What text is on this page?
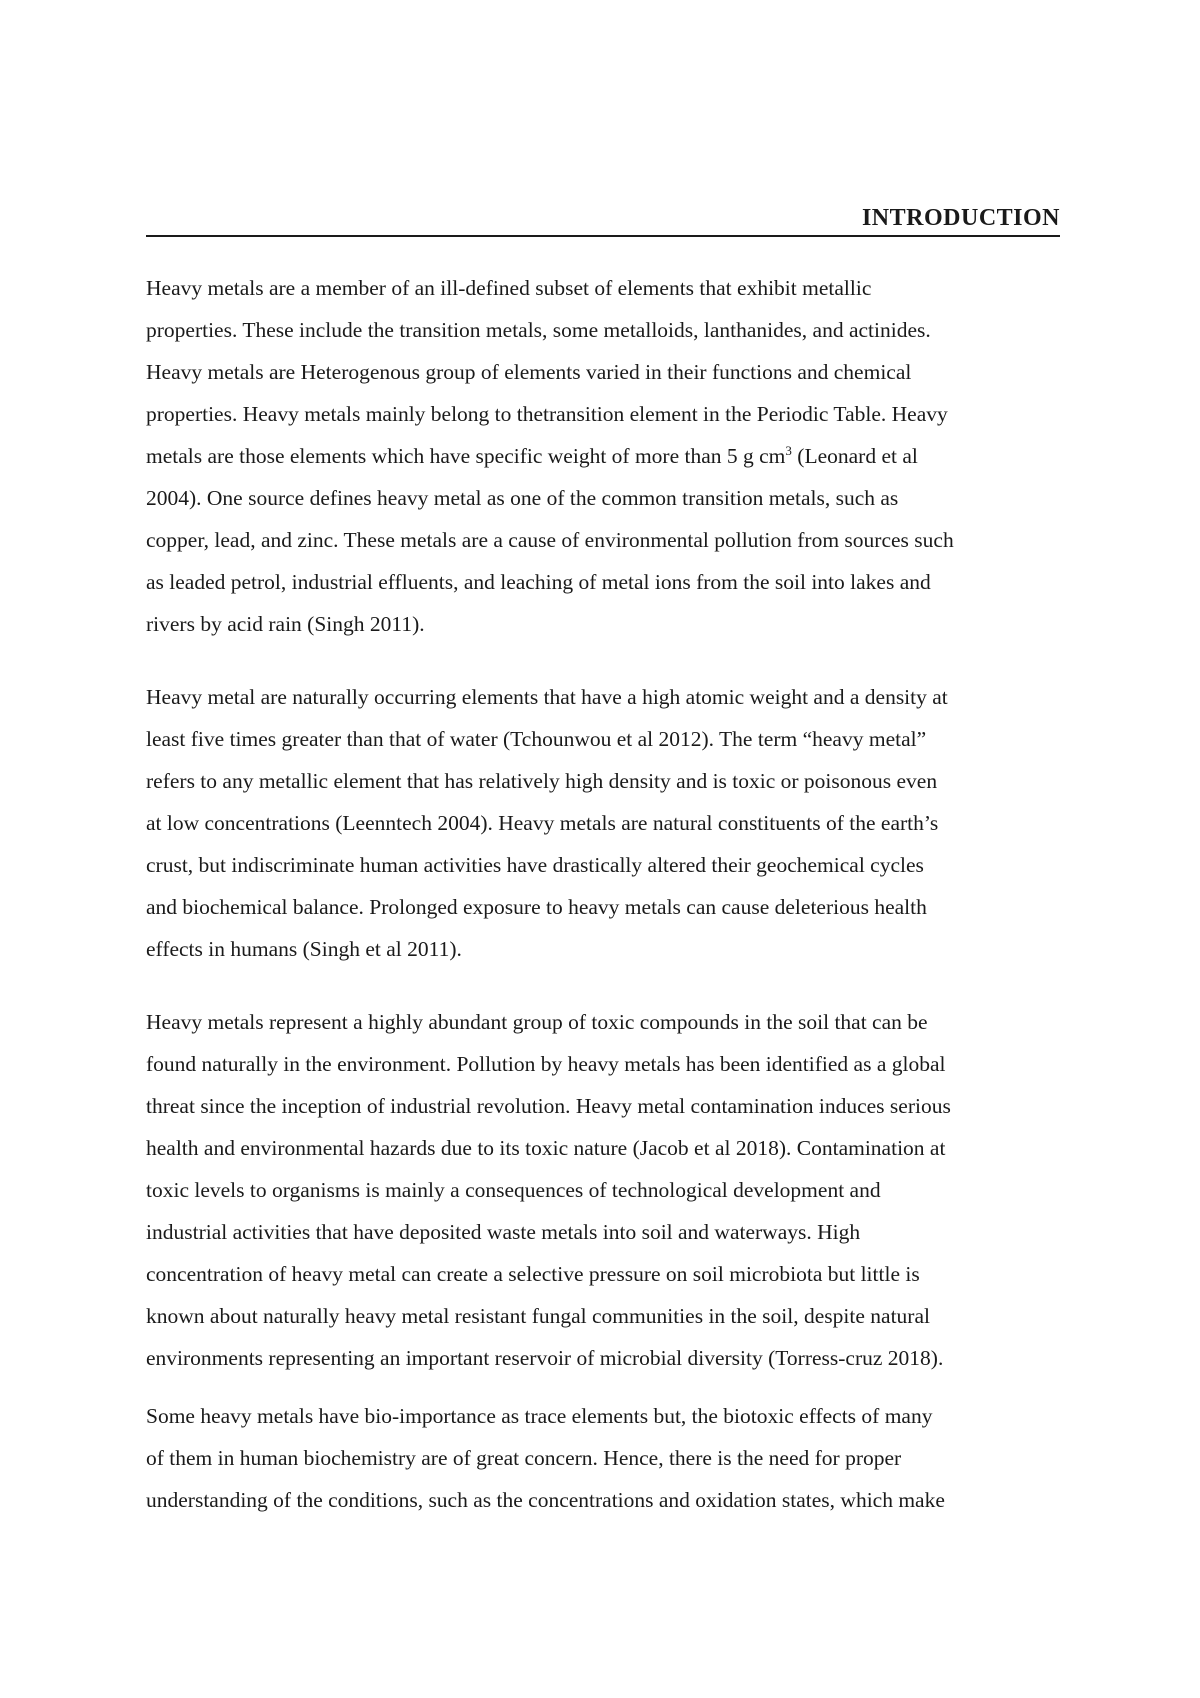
INTRODUCTION

Heavy metals are a member of an ill-defined subset of elements that exhibit metallic
properties. These include the transition metals, some metalloids, lanthanides, and actinides.
Heavy metals are Heterogenous group of elements varied in their functions and chemical
properties. Heavy metals mainly belong to thetransition element in the Periodic Table. Heavy
metals are those elements which have specific weight of more than 5 g $cm^3$ (Leonard et al
2004). One source defines heavy metal as one of the common transition metals, such as
copper, lead, and zinc. These metals are a cause of environmental pollution from sources such
as leaded petrol, industrial effluents, and leaching of metal ions from the soil into lakes and
rivers by acid rain (Singh 2011).

Heavy metal are naturally occurring elements that have a high atomic weight and a density at
least five times greater than that of water (Tchounwou et al 2012). The term “heavy metal”
refers to any metallic element that has relatively high density and is toxic or poisonous even
at low concentrations (Leenntech 2004). Heavy metals are natural constituents of the earth’s
crust, but indiscriminate human activities have drastically altered their geochemical cycles
and biochemical balance. Prolonged exposure to heavy metals can cause deleterious health
effects in humans (Singh et al 2011).

Heavy metals represent a highly abundant group of toxic compounds in the soil that can be
found naturally in the environment. Pollution by heavy metals has been identified as a global
threat since the inception of industrial revolution. Heavy metal contamination induces serious
health and environmental hazards due to its toxic nature (Jacob et al 2018). Contamination at
toxic levels to organisms is mainly a consequences of technological development and
industrial activities that have deposited waste metals into soil and waterways. High
concentration of heavy metal can create a selective pressure on soil microbiota but little is
known about naturally heavy metal resistant fungal communities in the soil, despite natural
environments representing an important reservoir of microbial diversity (Torress-cruz 2018).

Some heavy metals have bio-importance as trace elements but, the biotoxic effects of many
of them in human biochemistry are of great concern. Hence, there is the need for proper
understanding of the conditions, such as the concentrations and oxidation states, which make
